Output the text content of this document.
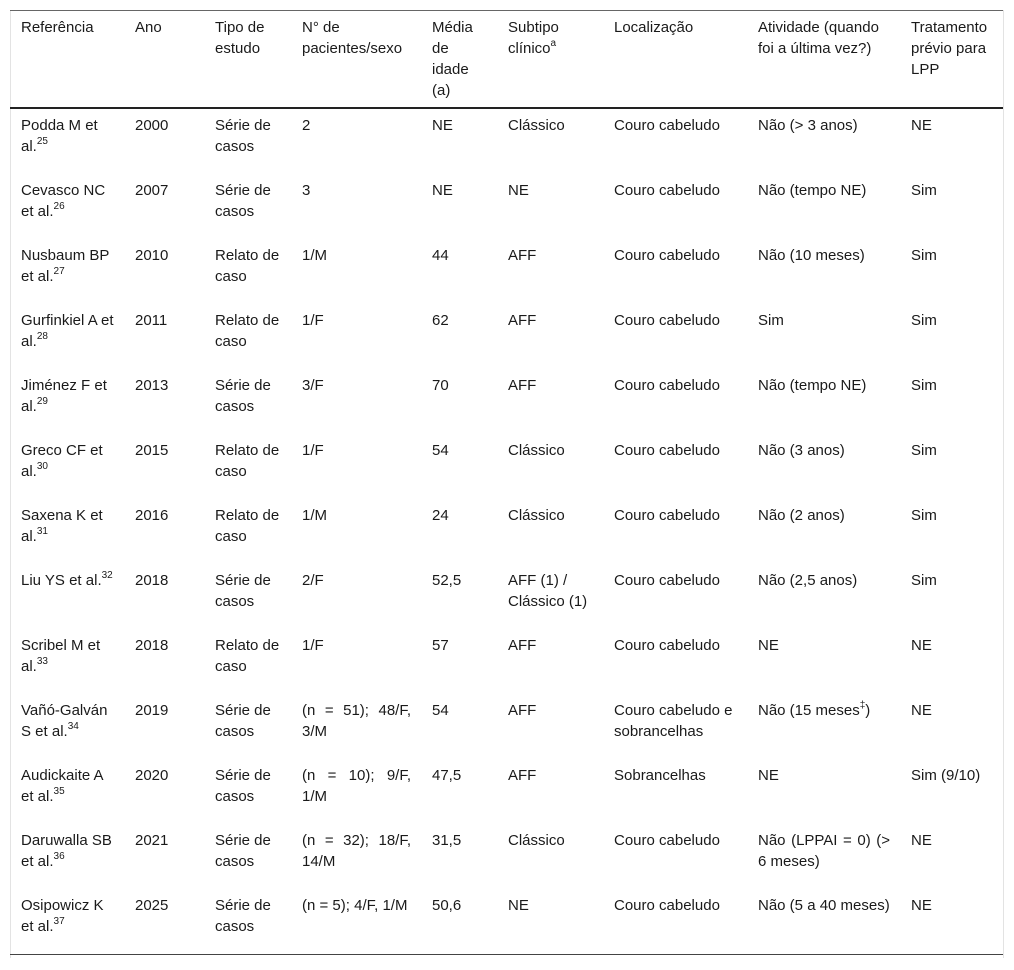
Referência	Ano	Tipo de estudo	N° de pacientes/sexo	Média de idade (a)	Subtipo clínico$^a$	Localização	Atividade (quando foi a última vez?)	Tratamento prévio para LPP
Podda M et al.$^{25}$	2000	Série de casos	2	NE	Clássico	Couro cabeludo	Não (> 3 anos)	NE
Cevasco NC et al.$^{26}$	2007	Série de casos	3	NE	NE	Couro cabeludo	Não (tempo NE)	Sim
Nusbaum BP et al.$^{27}$	2010	Relato de caso	1/M	44	AFF	Couro cabeludo	Não (10 meses)	Sim
Gurfinkiel A et al.$^{28}$	2011	Relato de caso	1/F	62	AFF	Couro cabeludo	Sim	Sim
Jiménez F et al.$^{29}$	2013	Série de casos	3/F	70	AFF	Couro cabeludo	Não (tempo NE)	Sim
Greco CF et al.$^{30}$	2015	Relato de caso	1/F	54	Clássico	Couro cabeludo	Não (3 anos)	Sim
Saxena K et al.$^{31}$	2016	Relato de caso	1/M	24	Clássico	Couro cabeludo	Não (2 anos)	Sim
Liu YS et al.$^{32}$	2018	Série de casos	2/F	52,5	AFF (1) / Clássico (1)	Couro cabeludo	Não (2,5 anos)	Sim
Scribel M et al.$^{33}$	2018	Relato de caso	1/F	57	AFF	Couro cabeludo	NE	NE
Vañó-Galván S et al.$^{34}$	2019	Série de casos	(n = 51); 48/F, 3/M	54	AFF	Couro cabeludo e sobrancelhas	Não (15 meses‡)	NE
Audickaite A et al.$^{35}$	2020	Série de casos	(n = 10); 9/F, 1/M	47,5	AFF	Sobrancelhas	NE	Sim (9/10)
Daruwalla SB et al.$^{36}$	2021	Série de casos	(n = 32); 18/F, 14/M	31,5	Clássico	Couro cabeludo	Não (LPPAI = 0) (> 6 meses)	NE
Osipowicz K et al.$^{37}$	2025	Série de casos	(n = 5); 4/F, 1/M	50,6	NE	Couro cabeludo	Não (5 a 40 meses)	NE
